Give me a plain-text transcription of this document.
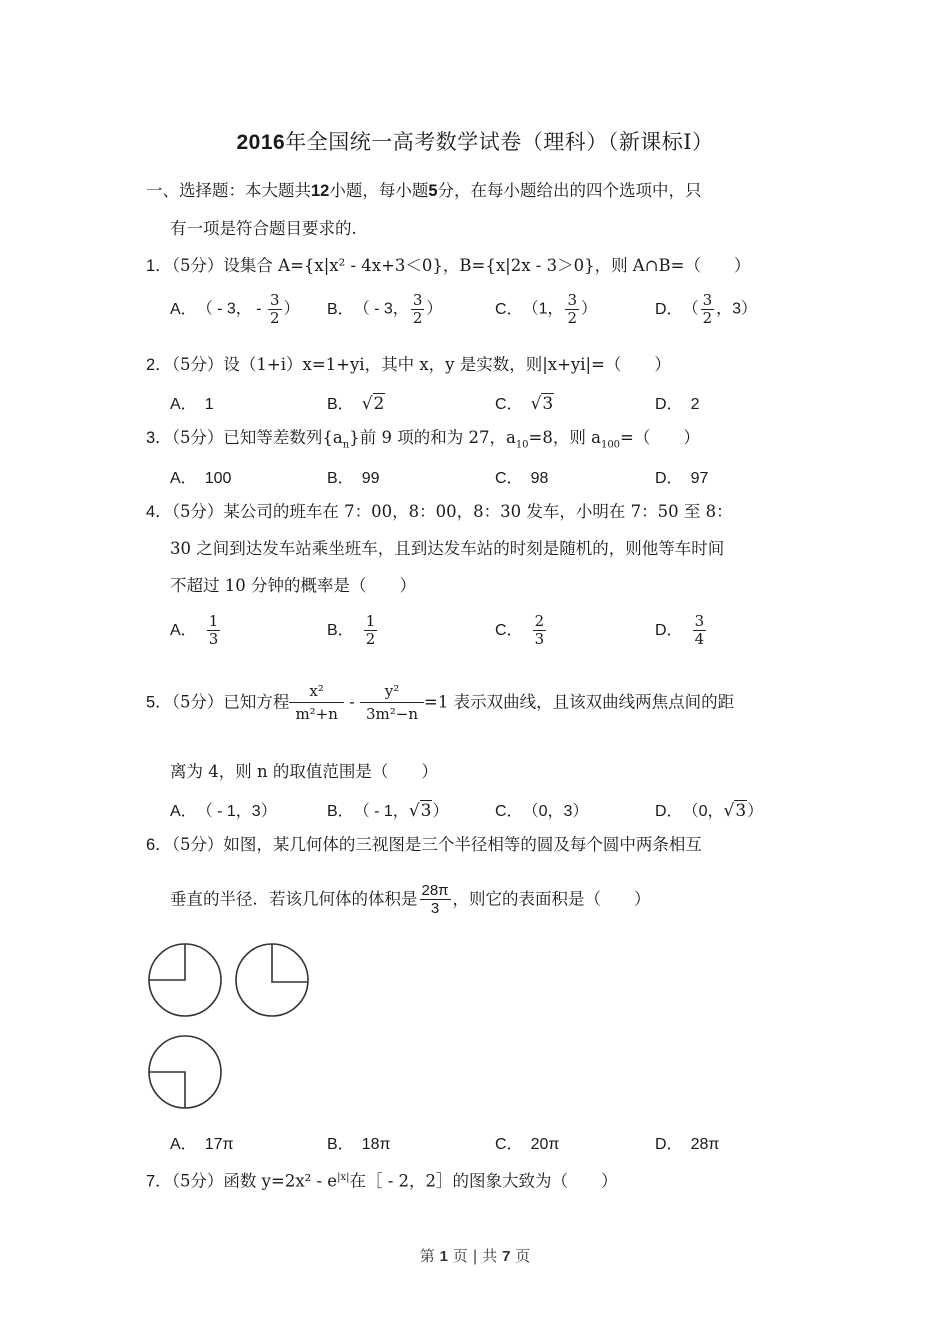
2016年全国统一高考数学试卷（理科）（新课标Ⅰ）
一、选择题：本大题共12小题，每小题5分，在每小题给出的四个选项中，只
有一项是符合题目要求的.
1．（5分）设集合 A={x|x² - 4x+3＜0}，B={x|2x - 3＞0}，则 A∩B=（　　）
A． （ - 3， - $\frac{3}{2}$ ） B． （ - 3， $\frac{3}{2}$ ）	C． （1， $\frac{3}{2}$ ）	D． （ $\frac{3}{2}$ ，3）
2．（5分）设（1+i）x=1+yi，其中 x，y 是实数，则|x+yi|=（　　）
A． 1	B． √2	C． √3	D． 2
3．（5分）已知等差数列$\{a_n\}$前 9 项的和为 27，$a_{10}=8$，则 $a_{100}=$（　　）
A． 100	B． 99	C． 98	D． 97
4．（5分）某公司的班车在 7：00，8：00，8：30 发车，小明在 7：50 至 8：
30 之间到达发车站乘坐班车，且到达发车站的时刻是随机的，则他等车时间
不超过 10 分钟的概率是（　　）
A． $\frac{1}{3}$	B． $\frac{1}{2}$	C． $\frac{2}{3}$	D． $\frac{3}{4}$
5．（5分）已知方程 $\frac{\text{x²}}{\text{m²+n}} - \frac{\text{y²}}{\text{3m²−n}} =1$ 表示双曲线，且该双曲线两焦点间的距
离为 4，则 n 的取值范围是（　　）
A． （ - 1，3）	B． （ - 1，√3）	C． （0，3）	D． （0，√3）
6．（5分）如图，某几何体的三视图是三个半径相等的圆及每个圆中两条相互
垂直的半径．若该几何体的体积是 $\frac{28\pi}{3}$ ，则它的表面积是（　　）
A． 17π	B． 18π	C． 20π	D． 28π
7．（5分）函数 $y=2x^2 - e^{|x|}$在［ - 2，2］的图象大致为（　　）
第 1 页 | 共 7 页
